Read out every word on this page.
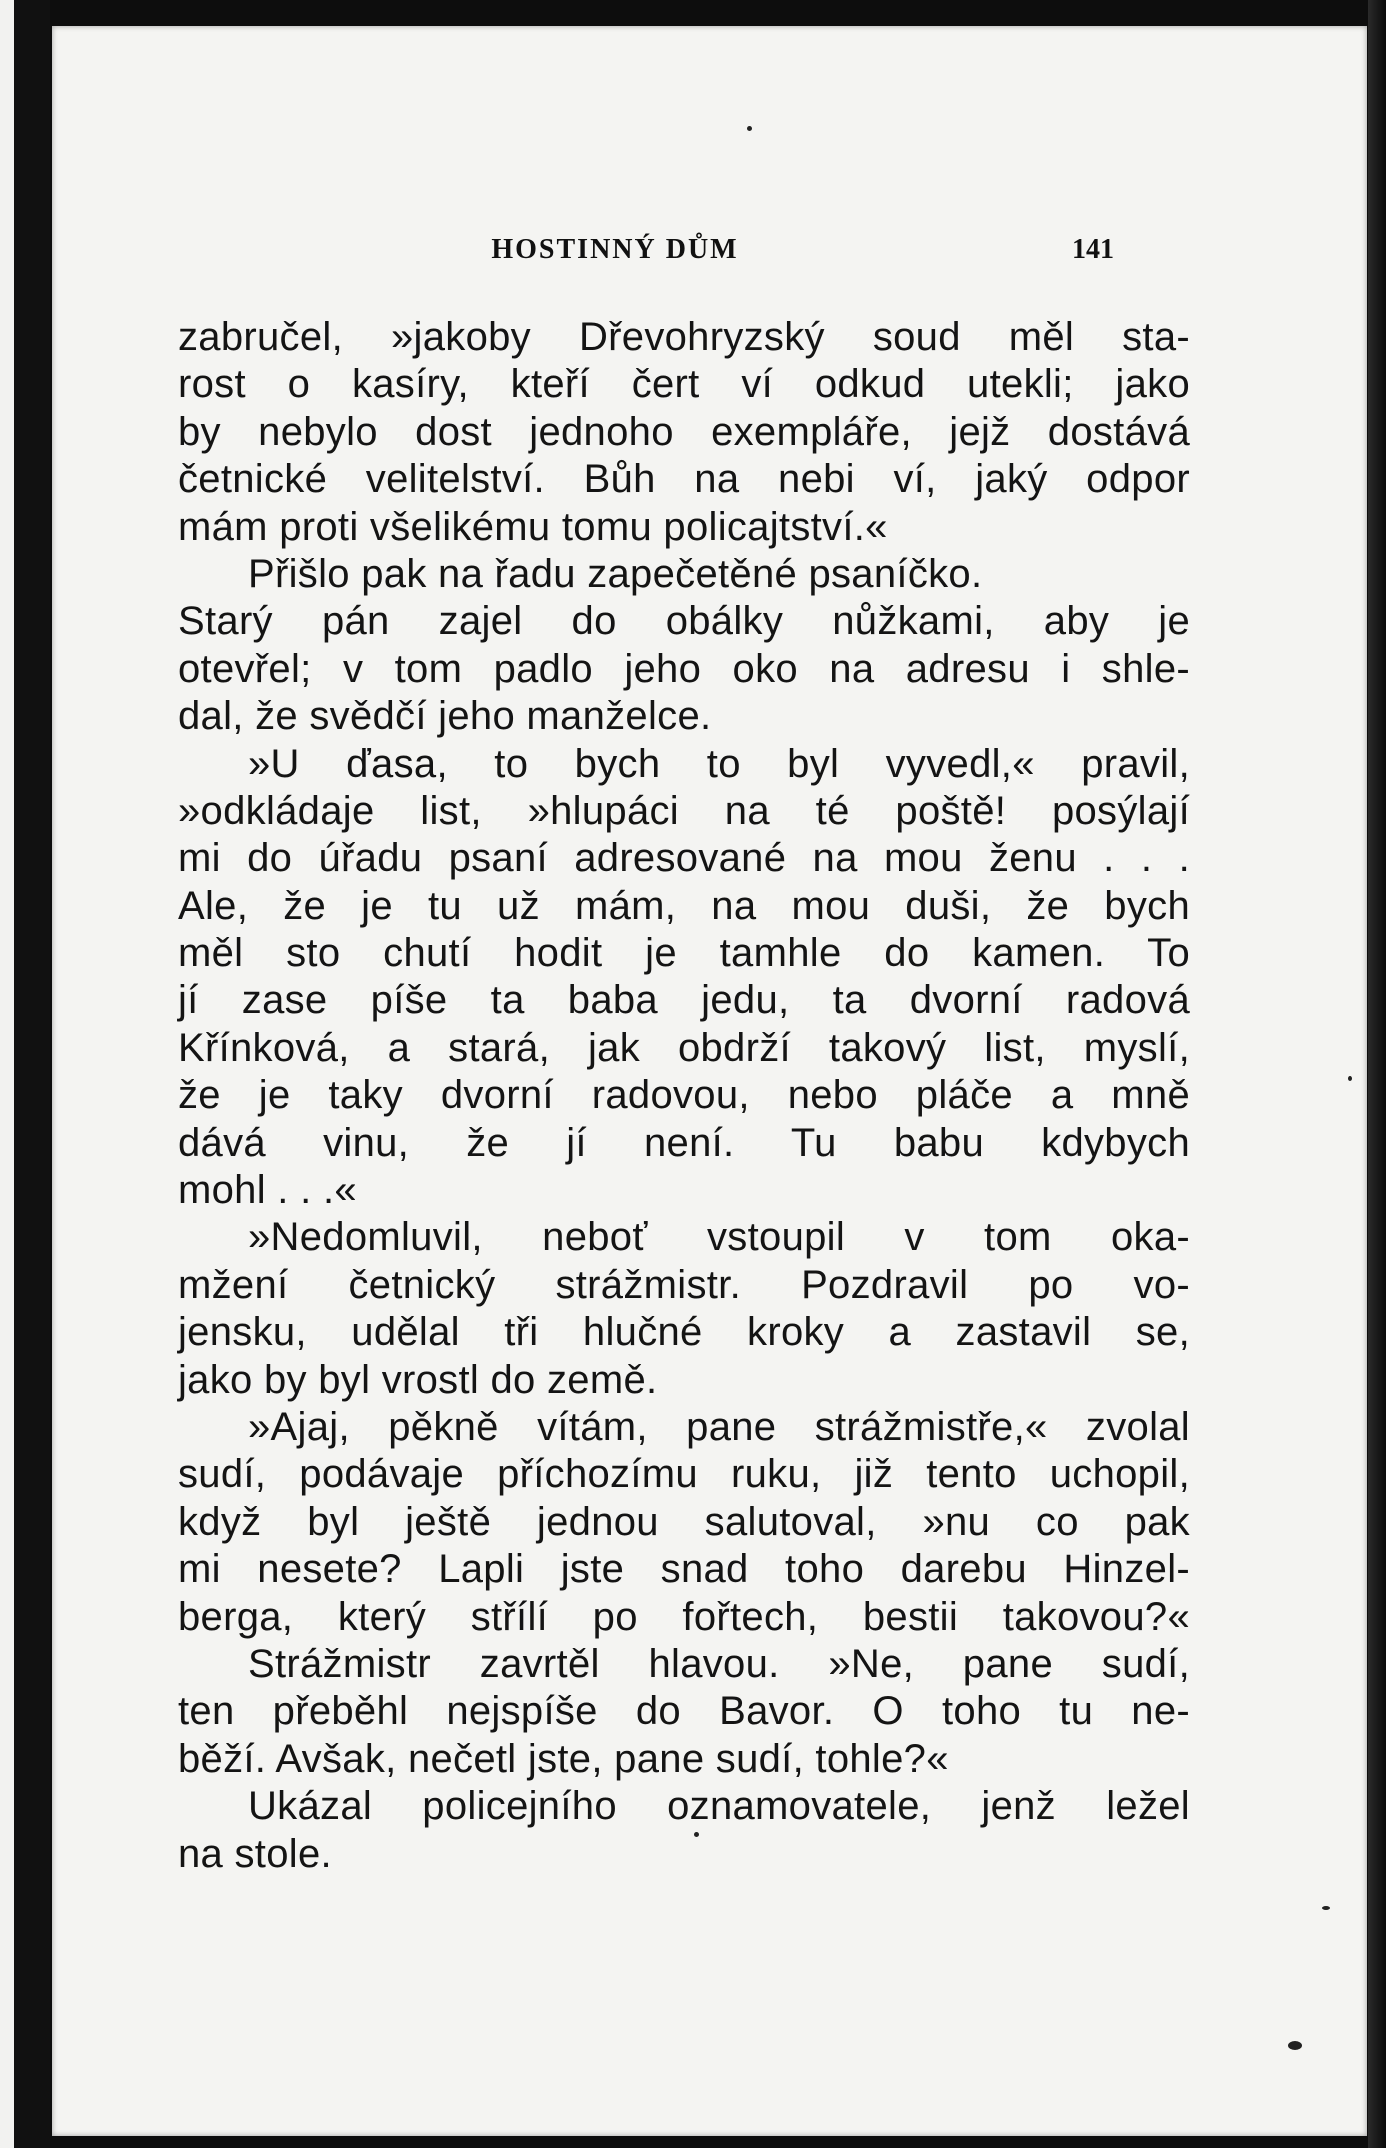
HOSTINNÝ DŮM	141
zabručel, »jakoby Dřevohryzský soud měl sta-
rost o kasíry, kteří čert ví odkud utekli; jako
by nebylo dost jednoho exempláře, jejž dostává
četnické velitelství. Bůh na nebi ví, jaký odpor
mám proti všelikému tomu policajtství.«
Přišlo pak na řadu zapečetěné psaníčko.
Starý pán zajel do obálky nůžkami, aby je
otevřel; v tom padlo jeho oko na adresu i shle-
dal, že svědčí jeho manželce.
»U ďasa, to bych to byl vyvedl,« pravil,
»odkládaje list, »hlupáci na té poště! posýlají
mi do úřadu psaní adresované na mou ženu . . .
Ale, že je tu už mám, na mou duši, že bych
měl sto chutí hodit je tamhle do kamen. To
jí zase píše ta baba jedu, ta dvorní radová
Křínková, a stará, jak obdrží takový list, myslí,
že je taky dvorní radovou, nebo pláče a mně
dává vinu, že jí není. Tu babu kdybych
mohl . . .«
»Nedomluvil, neboť vstoupil v tom oka-
mžení četnický strážmistr. Pozdravil po vo-
jensku, udělal tři hlučné kroky a zastavil se,
jako by byl vrostl do země.
»Ajaj, pěkně vítám, pane strážmistře,« zvolal
sudí, podávaje příchozímu ruku, již tento uchopil,
když byl ještě jednou salutoval, »nu co pak
mi nesete? Lapli jste snad toho darebu Hinzel-
berga, který střílí po fořtech, bestii takovou?«
Strážmistr zavrtěl hlavou. »Ne, pane sudí,
ten přeběhl nejspíše do Bavor. O toho tu ne-
běží. Avšak, nečetl jste, pane sudí, tohle?«
Ukázal policejního oznamovatele, jenž ležel
na stole.
